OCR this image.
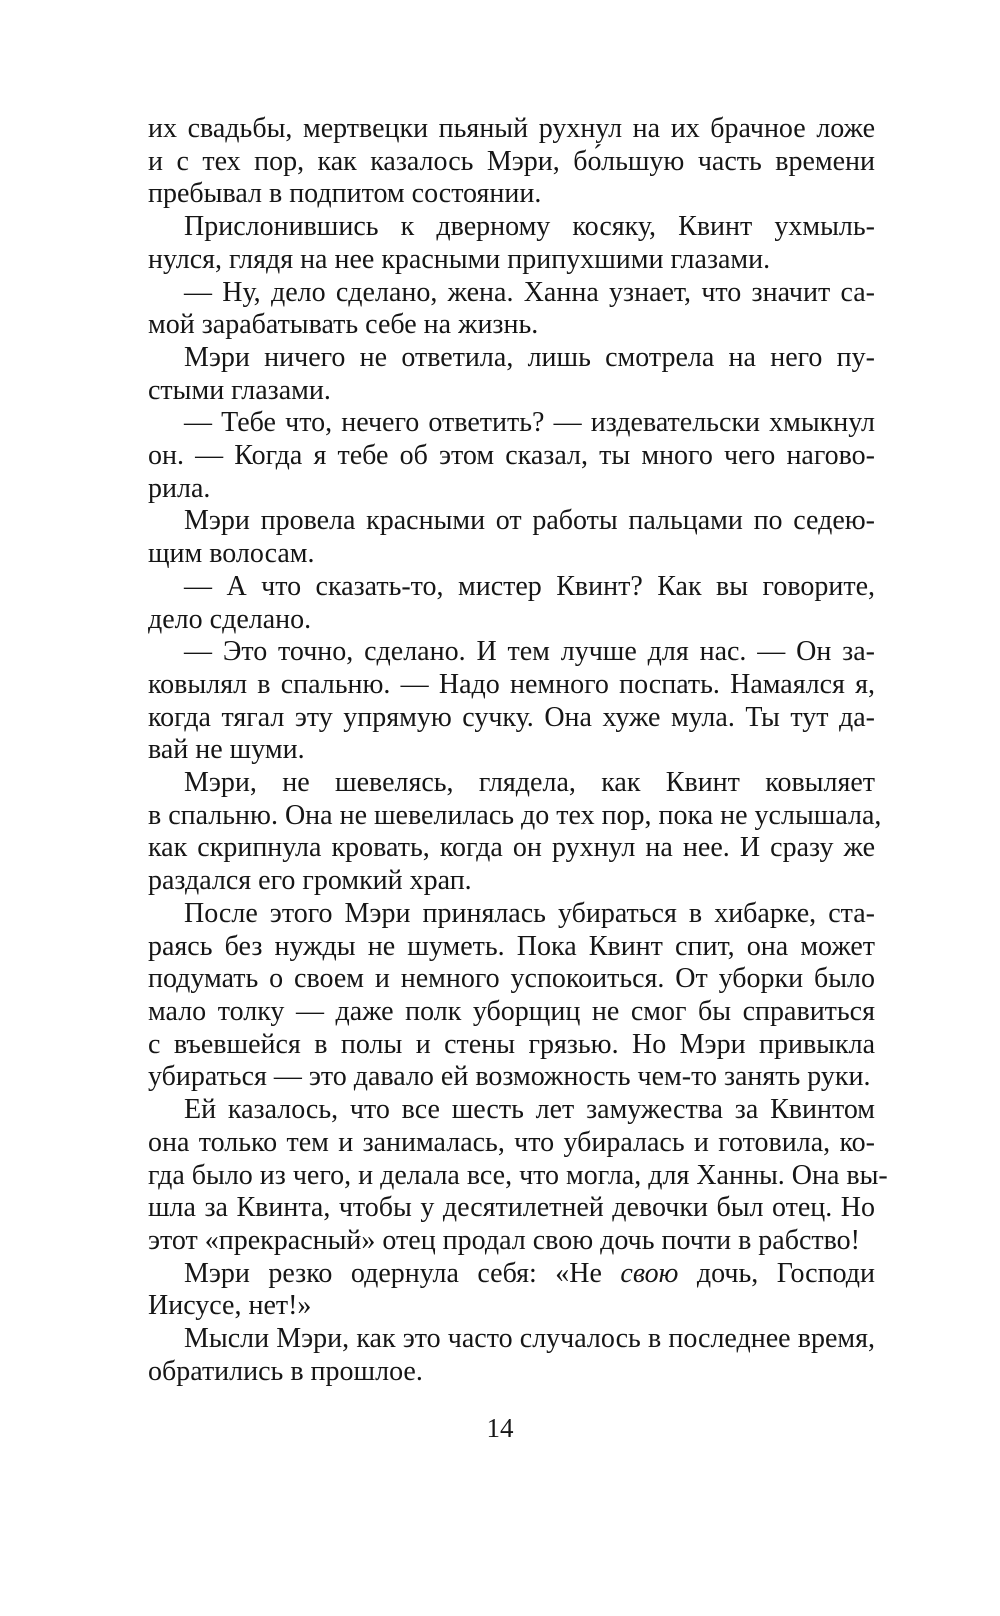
их свадьбы, мертвецки пьяный рухнул на их брачное ложе
и с тех пор, как казалось Мэри, бо́льшую часть времени
пребывал в подпитом состоянии.
Прислонившись к дверному косяку, Квинт ухмыль-
нулся, глядя на нее красными припухшими глазами.
— Ну, дело сделано, жена. Ханна узнает, что значит са-
мой зарабатывать себе на жизнь.
Мэри ничего не ответила, лишь смотрела на него пу-
стыми глазами.
— Тебе что, нечего ответить? — издевательски хмыкнул
он. — Когда я тебе об этом сказал, ты много чего нагово-
рила.
Мэри провела красными от работы пальцами по седею-
щим волосам.
— А что сказать-то, мистер Квинт? Как вы говорите,
дело сделано.
— Это точно, сделано. И тем лучше для нас. — Он за-
ковылял в спальню. — Надо немного поспать. Намаялся я,
когда тягал эту упрямую сучку. Она хуже мула. Ты тут да-
вай не шуми.
Мэри, не шевелясь, глядела, как Квинт ковыляет
в спальню. Она не шевелилась до тех пор, пока не услышала,
как скрипнула кровать, когда он рухнул на нее. И сразу же
раздался его громкий храп.
После этого Мэри принялась убираться в хибарке, ста-
раясь без нужды не шуметь. Пока Квинт спит, она может
подумать о своем и немного успокоиться. От уборки было
мало толку — даже полк уборщиц не смог бы справиться
с въевшейся в полы и стены грязью. Но Мэри привыкла
убираться — это давало ей возможность чем-то занять руки.
Ей казалось, что все шесть лет замужества за Квинтом
она только тем и занималась, что убиралась и готовила, ко-
гда было из чего, и делала все, что могла, для Ханны. Она вы-
шла за Квинта, чтобы у десятилетней девочки был отец. Но
этот «прекрасный» отец продал свою дочь почти в рабство!
Мэри резко одернула себя: «Не свою дочь, Господи
Иисусе, нет!»
Мысли Мэри, как это часто случалось в последнее время,
обратились в прошлое.
14
